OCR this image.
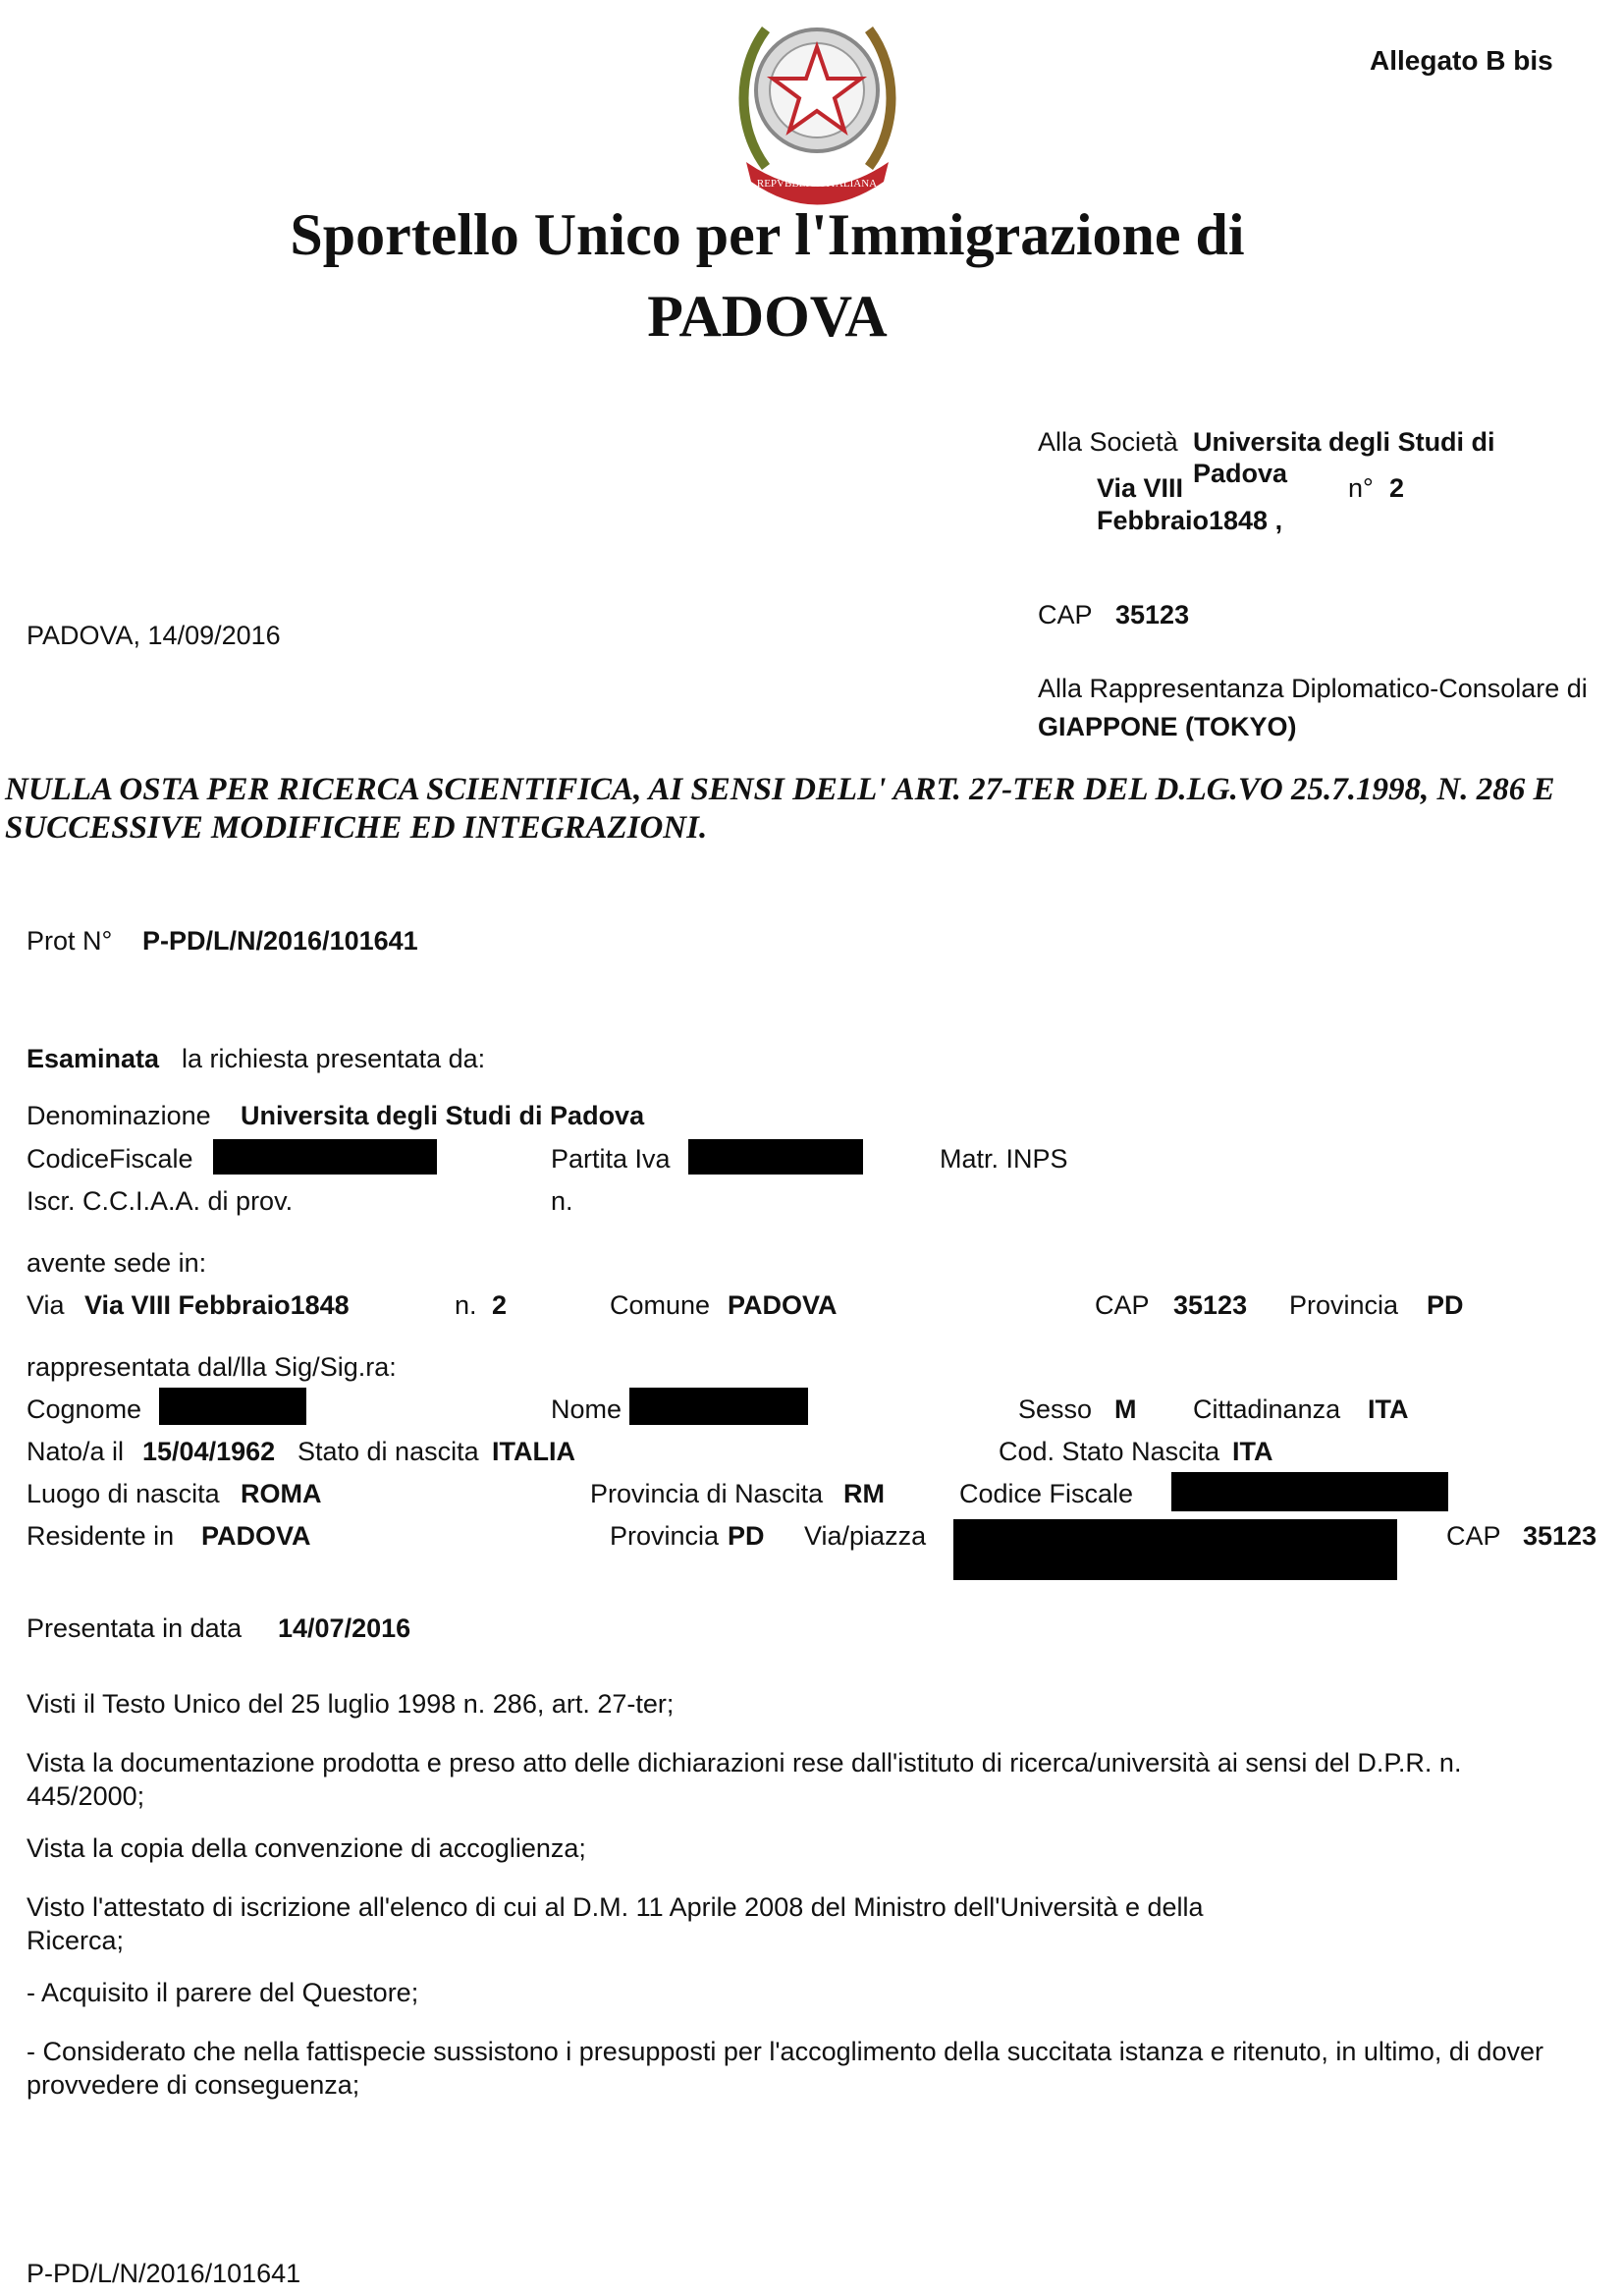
REPVBBLICA ITALIANA
Allegato B bis
Sportello Unico per l'Immigrazione di
PADOVA
Alla Società Universita degli Studi di
Padova
Via VIII
Febbraio1848 ,
n° 2
PADOVA, 14/09/2016
CAP 35123
Alla Rappresentanza Diplomatico-Consolare di
GIAPPONE (TOKYO)
NULLA OSTA PER RICERCA SCIENTIFICA, AI SENSI DELL' ART. 27-TER DEL D.LG.VO 25.7.1998, N. 286 E SUCCESSIVE MODIFICHE ED INTEGRAZIONI.
Prot N° P-PD/L/N/2016/101641
Esaminata la richiesta presentata da:
Denominazione Universita degli Studi di Padova
CodiceFiscale	Partita Iva	Matr. INPS
Iscr. C.C.I.A.A. di prov.	n.
avente sede in:
Via Via VIII Febbraio1848	n. 2	Comune PADOVA	CAP 35123 Provincia PD
rappresentata dal/lla Sig/Sig.ra:
Cognome	Nome	Sesso M Cittadinanza ITA
Nato/a il 15/04/1962 Stato di nascita ITALIA	Cod. Stato Nascita ITA
Luogo di nascita ROMA	Provincia di Nascita RM	Codice Fiscale
Residente in PADOVA	Provincia PD Via/piazza	CAP 35123
Presentata in data 14/07/2016
Visti il Testo Unico del 25 luglio 1998 n. 286, art. 27-ter;
Vista la documentazione prodotta e preso atto delle dichiarazioni rese dall'istituto di ricerca/università ai sensi del D.P.R. n. 445/2000;
Vista la copia della convenzione di accoglienza;
Visto l'attestato di iscrizione all'elenco di cui al D.M. 11 Aprile 2008 del Ministro dell'Università e della Ricerca;
- Acquisito il parere del Questore;
- Considerato che nella fattispecie sussistono i presupposti per l'accoglimento della succitata istanza e ritenuto, in ultimo, di dover provvedere di conseguenza;
P-PD/L/N/2016/101641
